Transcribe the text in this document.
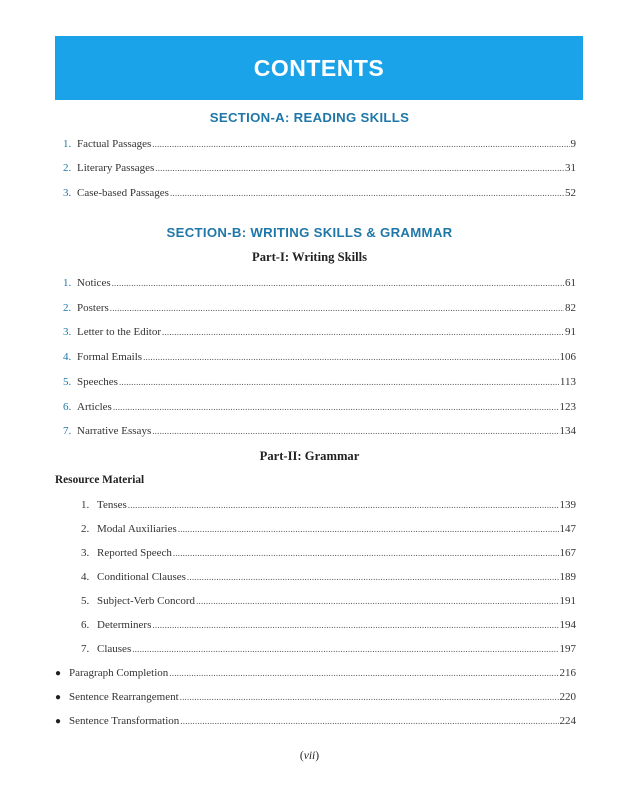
CONTENTS
SECTION-A: READING SKILLS
1. Factual Passages .....	9
2. Literary Passages .....	31
3. Case-based Passages .....	52
SECTION-B: WRITING SKILLS & GRAMMAR
Part-I: Writing Skills
1. Notices .....	61
2. Posters .....	82
3. Letter to the Editor .....	91
4. Formal Emails .....	106
5. Speeches .....	113
6. Articles .....	123
7. Narrative Essays .....	134
Part-II: Grammar
Resource Material
1. Tenses .....	139
2. Modal Auxiliaries .....	147
3. Reported Speech .....	167
4. Conditional Clauses .....	189
5. Subject-Verb Concord .....	191
6. Determiners .....	194
7. Clauses .....	197
● Paragraph Completion .....	216
● Sentence Rearrangement .....	220
● Sentence Transformation .....	224
(vii)
